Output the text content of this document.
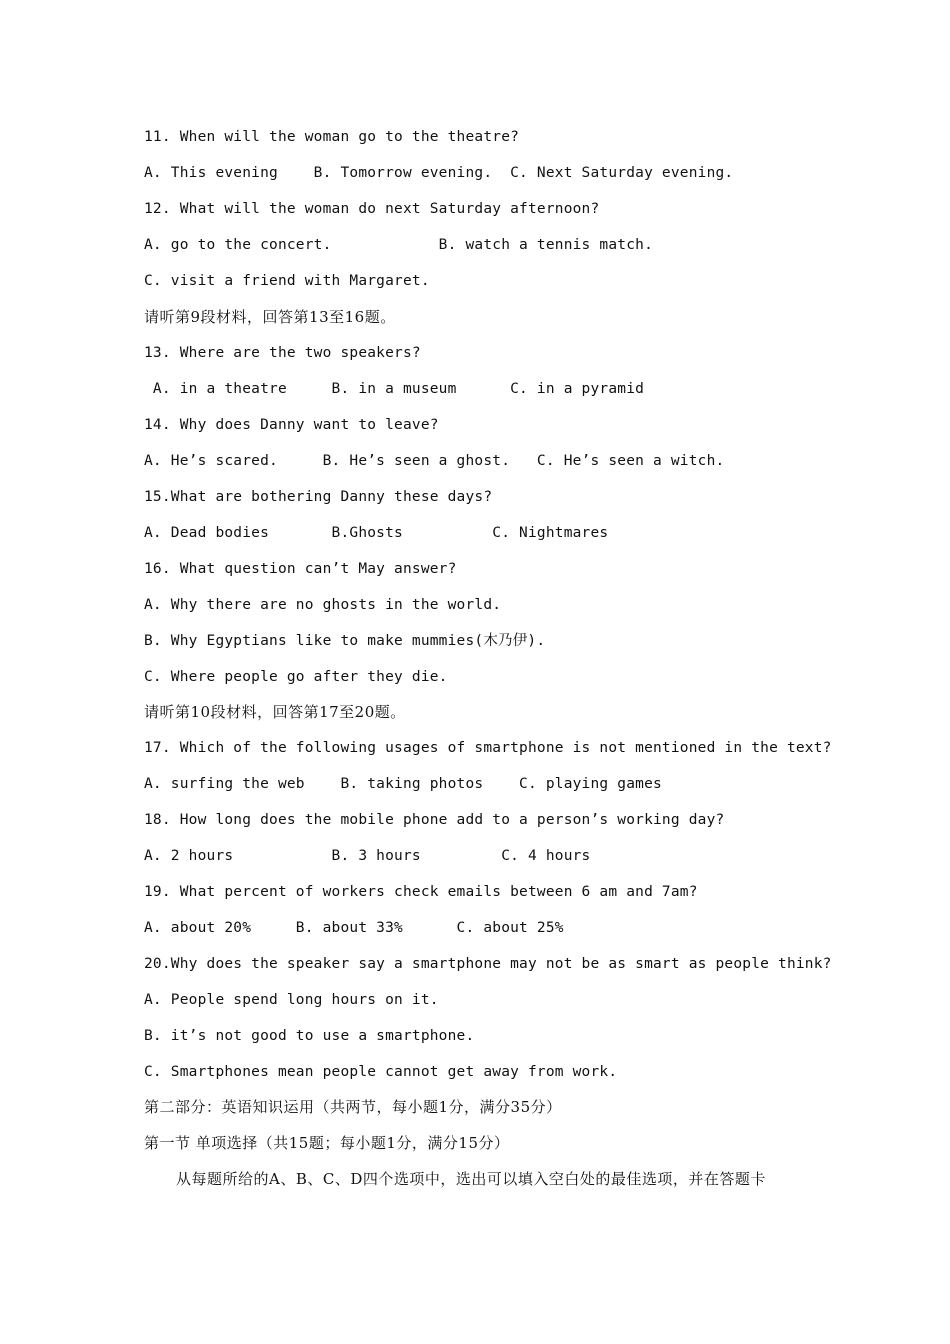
11. When will the woman go to the theatre?
A. This evening    B. Tomorrow evening.  C. Next Saturday evening.
12. What will the woman do next Saturday afternoon?
A. go to the concert.            B. watch a tennis match.
C. visit a friend with Margaret.
请听第9段材料，回答第13至16题。
13. Where are the two speakers?
A. in a theatre     B. in a museum      C. in a pyramid
14. Why does Danny want to leave?
A. He’s scared.     B. He’s seen a ghost.   C. He’s seen a witch.
15.What are bothering Danny these days?
A. Dead bodies       B.Ghosts          C. Nightmares
16. What question can’t May answer?
A. Why there are no ghosts in the world.
B. Why Egyptians like to make mummies(木乃伊).
C. Where people go after they die.
请听第10段材料，回答第17至20题。
17. Which of the following usages of smartphone is not mentioned in the text?
A. surfing the web    B. taking photos    C. playing games
18. How long does the mobile phone add to a person’s working day?
A. 2 hours           B. 3 hours         C. 4 hours
19. What percent of workers check emails between 6 am and 7am?
A. about 20%     B. about 33%      C. about 25%
20.Why does the speaker say a smartphone may not be as smart as people think?
A. People spend long hours on it.
B. it’s not good to use a smartphone.
C. Smartphones mean people cannot get away from work.
第二部分：英语知识运用（共两节，每小题1分，满分35分）
第一节 单项选择（共15题；每小题1分，满分15分）
从每题所给的A、B、C、D四个选项中，选出可以填入空白处的最佳选项，并在答题卡
